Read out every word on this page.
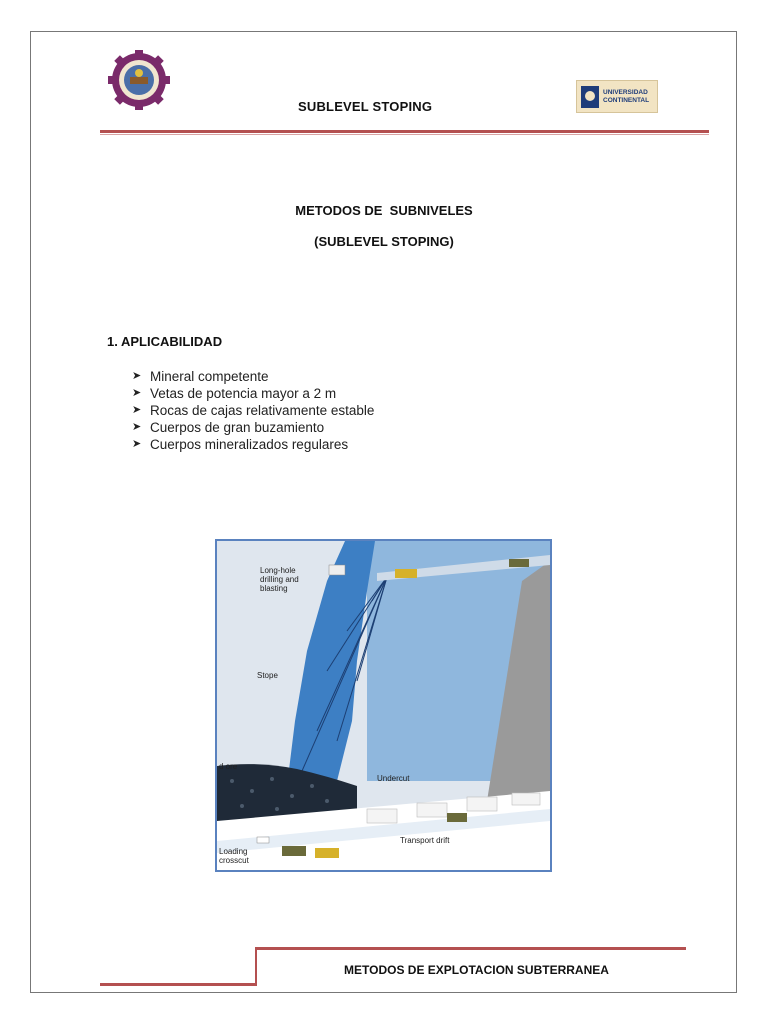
SUBLEVEL STOPING
UNIVERSIDAD
CONTINENTAL
METODOS DE  SUBNIVELES
(SUBLEVEL STOPING)
1. APLICABILIDAD
➤ Mineral competente
➤ Vetas de potencia mayor a 2 m
➤ Rocas de cajas relativamente estable
➤ Cuerpos de gran buzamiento
➤ Cuerpos mineralizados regulares
Long-hole
drilling and
blasting
Stope
d ore
Undercut
Transport drift
Loading
crosscut
METODOS DE EXPLOTACION SUBTERRANEA
